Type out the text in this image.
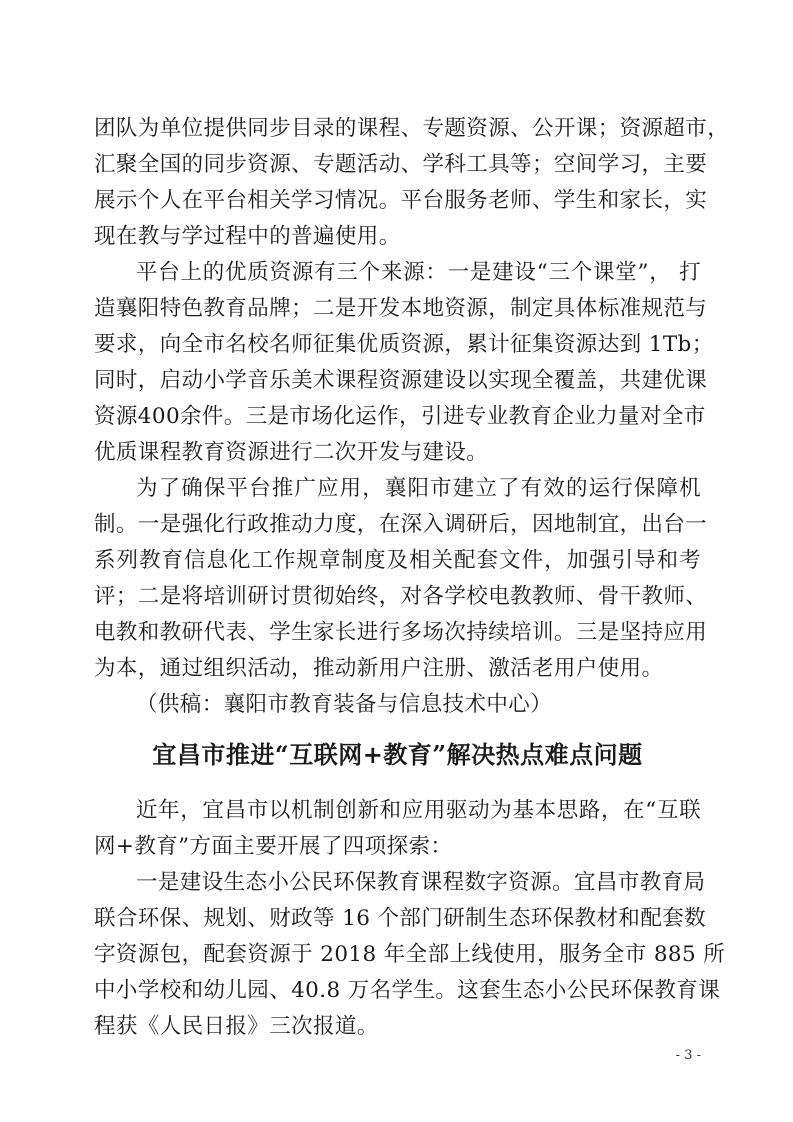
团队为单位提供同步目录的课程、专题资源、公开课；资源超市，
汇聚全国的同步资源、专题活动、学科工具等；空间学习，主要
展示个人在平台相关学习情况。平台服务老师、学生和家长，实
现在教与学过程中的普遍使用。
平台上的优质资源有三个来源：一是建设“三个课堂”， 打
造襄阳特色教育品牌；二是开发本地资源，制定具体标准规范与
要求，向全市名校名师征集优质资源，累计征集资源达到 1Tb；
同时，启动小学音乐美术课程资源建设以实现全覆盖，共建优课
资源400余件。三是市场化运作，引进专业教育企业力量对全市
优质课程教育资源进行二次开发与建设。
为了确保平台推广应用，襄阳市建立了有效的运行保障机
制。一是强化行政推动力度，在深入调研后，因地制宜，出台一
系列教育信息化工作规章制度及相关配套文件，加强引导和考
评；二是将培训研讨贯彻始终，对各学校电教教师、骨干教师、
电教和教研代表、学生家长进行多场次持续培训。三是坚持应用
为本，通过组织活动，推动新用户注册、激活老用户使用。
（供稿：襄阳市教育装备与信息技术中心）
宜昌市推进“互联网+教育”解决热点难点问题
近年，宜昌市以机制创新和应用驱动为基本思路，在“互联
网+教育”方面主要开展了四项探索：
一是建设生态小公民环保教育课程数字资源。宜昌市教育局
联合环保、规划、财政等 16 个部门研制生态环保教材和配套数
字资源包，配套资源于 2018 年全部上线使用，服务全市 885 所
中小学校和幼儿园、40.8 万名学生。这套生态小公民环保教育课
程获《人民日报》三次报道。
- 3 -
